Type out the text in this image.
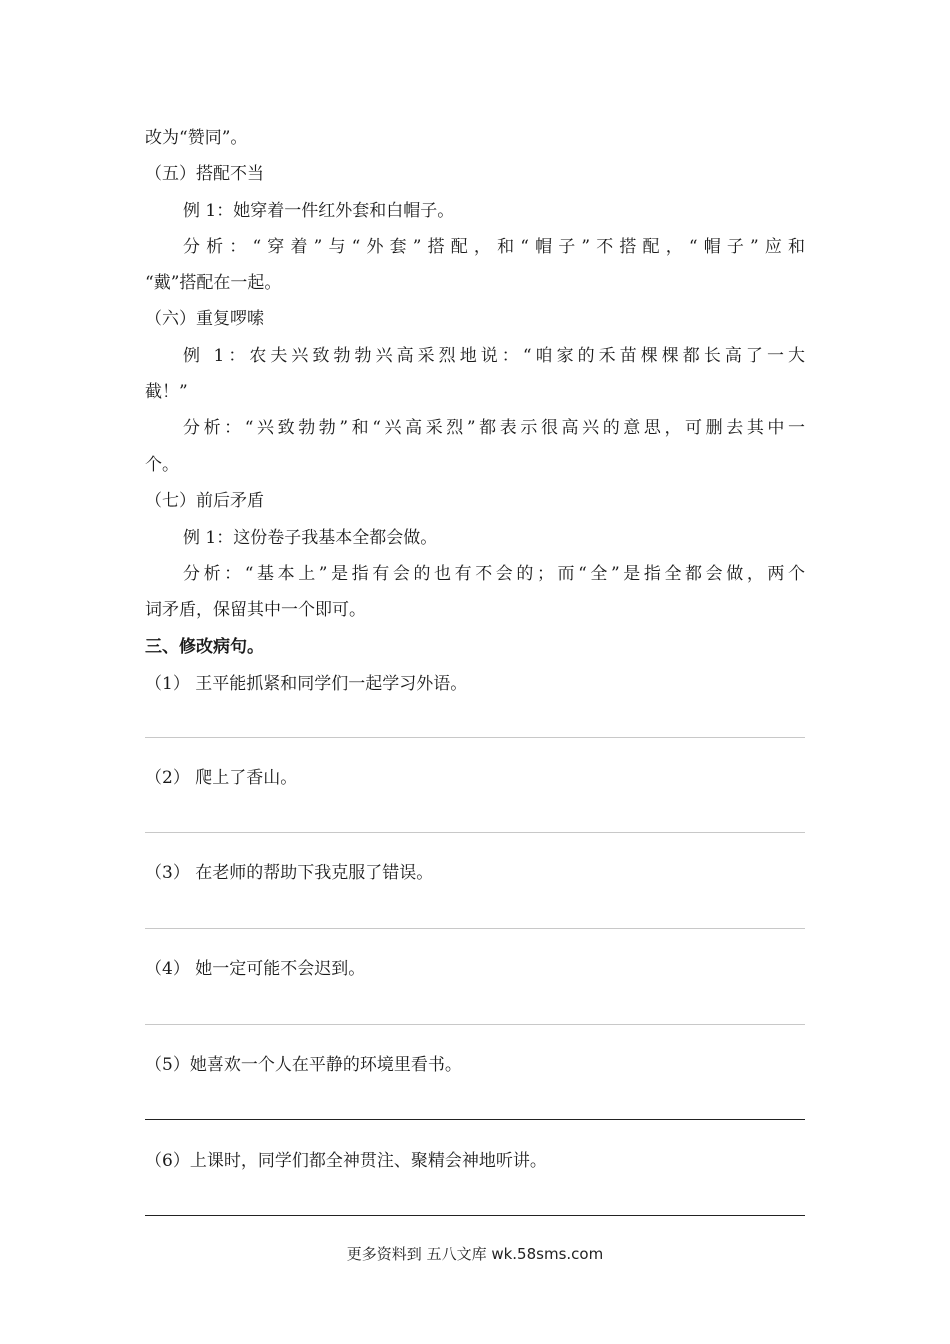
改为“赞同”。
（五）搭配不当
例 1：她穿着一件红外套和白帽子。
分析：“穿着”与“外套”搭配，和“帽子”不搭配，“帽子”应和
“戴”搭配在一起。
（六）重复啰嗦
例 1：农夫兴致勃勃兴高采烈地说：“咱家的禾苗棵棵都长高了一大
截！”
分析：“兴致勃勃”和“兴高采烈”都表示很高兴的意思，可删去其中一
个。
（七）前后矛盾
例 1：这份卷子我基本全都会做。
分析：“基本上”是指有会的也有不会的；而“全”是指全都会做，两个
词矛盾，保留其中一个即可。
三、修改病句。
（1） 王平能抓紧和同学们一起学习外语。
（2） 爬上了香山。
（3） 在老师的帮助下我克服了错误。
（4） 她一定可能不会迟到。
（5）她喜欢一个人在平静的环境里看书。
（6）上课时，同学们都全神贯注、聚精会神地听讲。
更多资料到 五八文库 wk.58sms.com
